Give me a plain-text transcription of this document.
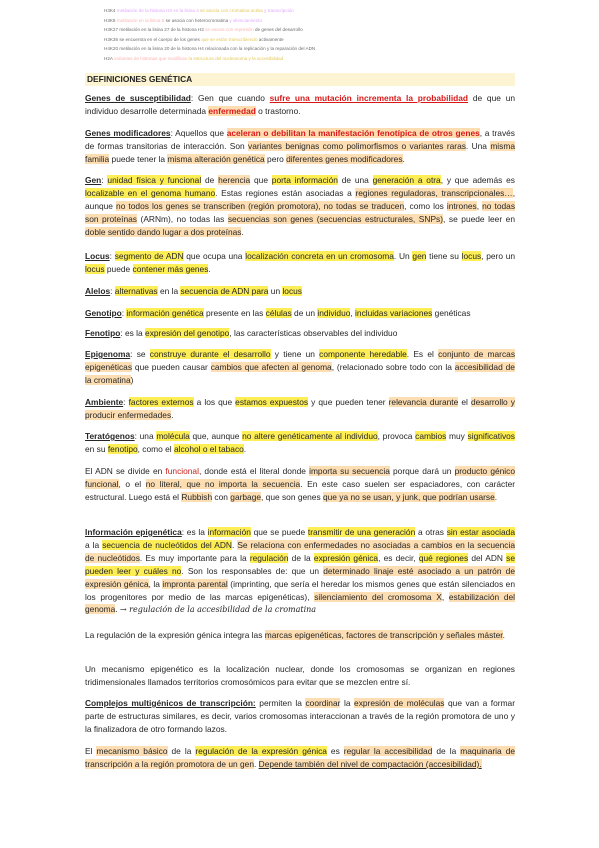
H3K4 metilación de la histona H3 en la lisina 4 se asocia con cromatina activa y transcripción
H3K9 metilación en la lisina 9 se asocia con heterocromatina y silenciamiento
H3K27 metilación en la lisina 27 de la histona H3 se asocia con represión de genes del desarrollo
H3K36 se encuentra en el cuerpo de los genes que se están transcribiendo activamente
H4K20 metilación en la lisina 20 de la histona H4 relacionada con la replicación y la reparación del ADN
H2A variantes de histonas que modifican la estructura del nucleosoma y la accesibilidad
DEFINICIONES GENÉTICA

Genes de susceptibilidad: Gen que cuando sufre una mutación incrementa la probabilidad de que un individuo desarrolle determinada enfermedad o trastorno.

Genes modificadores: Aquellos que aceleran o debilitan la manifestación fenotípica de otros genes, a través de formas transitorias de interacción. Son variantes benignas como polimorfismos o variantes raras. Una misma familia puede tener la misma alteración genética pero diferentes genes modificadores.

Gen: unidad física y funcional de herencia que porta información de una generación a otra, y que además es localizable en el genoma humano. Estas regiones están asociadas a regiones reguladoras, transcripcionales…, aunque no todos los genes se transcriben (región promotora), no todas se traducen, como los intrones, no todas son proteínas (ARNm), no todas las secuencias son genes (secuencias estructurales, SNPs), se puede leer en doble sentido dando lugar a dos proteínas.

Locus: segmento de ADN que ocupa una localización concreta en un cromosoma. Un gen tiene su locus, pero un locus puede contener más genes.

Alelos: alternativas en la secuencia de ADN para un locus

Genotipo: información genética presente en las células de un individuo, incluidas variaciones genéticas

Fenotipo: es la expresión del genotipo, las características observables del individuo

Epigenoma: se construye durante el desarrollo y tiene un componente heredable. Es el conjunto de marcas epigenéticas que pueden causar cambios que afecten al genoma, (relacionado sobre todo con la accesibilidad de la cromatina)

Ambiente: factores externos a los que estamos expuestos y que pueden tener relevancia durante el desarrollo y producir enfermedades.

Teratógenos: una molécula que, aunque no altere genéticamente al individuo, provoca cambios muy significativos en su fenotipo, como el alcohol o el tabaco.

El ADN se divide en funcional, donde está el literal donde importa su secuencia porque dará un producto génico funcional, o el no literal, que no importa la secuencia. En este caso suelen ser espaciadores, con carácter estructural. Luego está el Rubbish con garbage, que son genes que ya no se usan, y junk, que podrían usarse.

Información epigenética: es la información que se puede transmitir de una generación a otras sin estar asociada a la secuencia de nucleótidos del ADN. Se relaciona con enfermedades no asociadas a cambios en la secuencia de nucleótidos. Es muy importante para la regulación de la expresión génica, es decir, qué regiones del ADN se pueden leer y cuáles no. Son los responsables de: que un determinado linaje esté asociado a un patrón de expresión génica, la impronta parental (imprinting, que sería el heredar los mismos genes que están silenciados en los progenitores por medio de las marcas epigenéticas), silenciamiento del cromosoma X, estabilización del genoma. → regulación de la accesibilidad de la cromatina

La regulación de la expresión génica integra las marcas epigenéticas, factores de transcripción y señales máster.

Un mecanismo epigenético es la localización nuclear, donde los cromosomas se organizan en regiones tridimensionales llamados territorios cromosómicos para evitar que se mezclen entre sí.

Complejos multigénicos de transcripción: permiten la coordinar la expresión de moléculas que van a formar parte de estructuras similares, es decir, varios cromosomas interaccionan a través de la región promotora de uno y la finalizadora de otro formando lazos.

El mecanismo básico de la regulación de la expresión génica es regular la accesibilidad de la maquinaria de transcripción a la región promotora de un gen. Depende también del nivel de compactación (accesibilidad).
